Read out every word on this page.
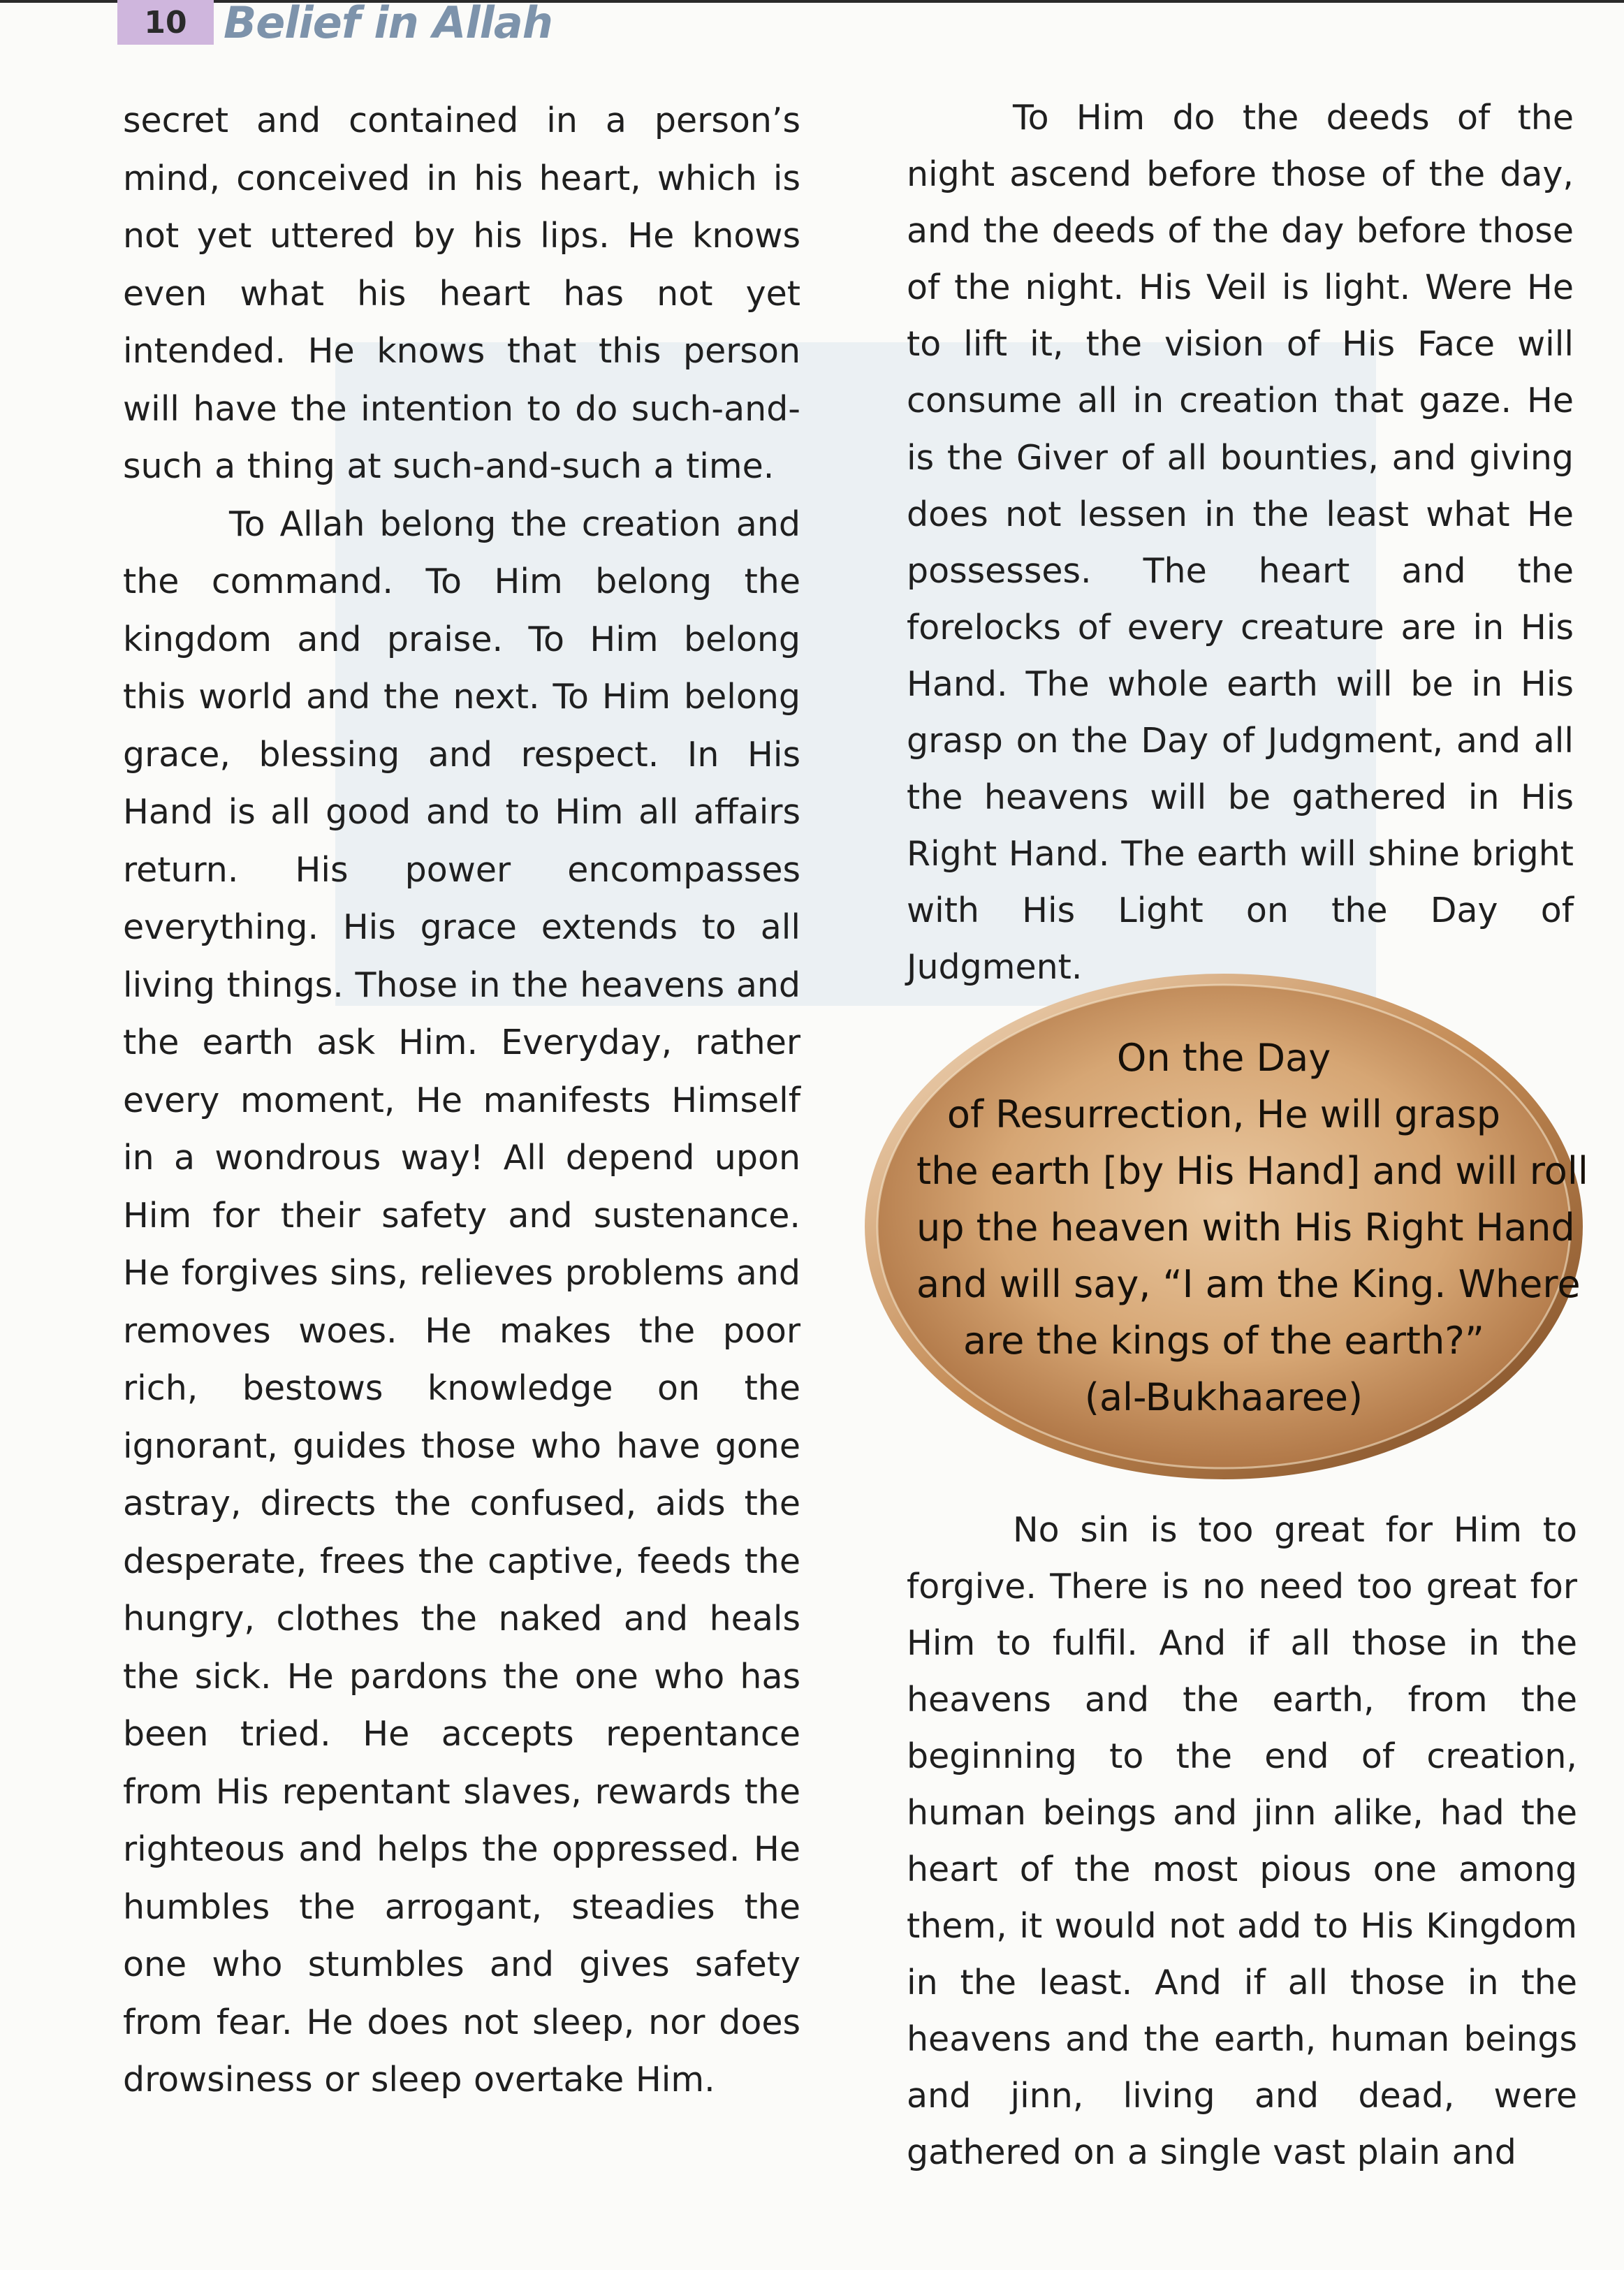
10 Belief in Allah

secret and contained in a person’s mind, conceived in his heart, which is not yet uttered by his lips. He knows even what his heart has not yet intended. He knows that this person will have the intention to do such-and-such a thing at such-and-such a time.

To Allah belong the creation and the command. To Him belong the kingdom and praise. To Him belong this world and the next. To Him belong grace, blessing and respect. In His Hand is all good and to Him all affairs return. His power encompasses everything. His grace extends to all living things. Those in the heavens and the earth ask Him. Everyday, rather every moment, He manifests Himself in a wondrous way! All depend upon Him for their safety and sustenance. He forgives sins, relieves problems and removes woes. He makes the poor rich, bestows knowledge on the ignorant, guides those who have gone astray, directs the confused, aids the desperate, frees the captive, feeds the hungry, clothes the naked and heals the sick. He pardons the one who has been tried. He accepts repentance from His repentant slaves, rewards the righteous and helps the oppressed. He humbles the arrogant, steadies the one who stumbles and gives safety from fear. He does not sleep, nor does drowsiness or sleep overtake Him.

To Him do the deeds of the night ascend before those of the day, and the deeds of the day before those of the night. His Veil is light. Were He to lift it, the vision of His Face will consume all in creation that gaze. He is the Giver of all bounties, and giving does not lessen in the least what He possesses. The heart and the forelocks of every creature are in His Hand. The whole earth will be in His grasp on the Day of Judgment, and all the heavens will be gathered in His Right Hand. The earth will shine bright with His Light on the Day of Judgment.

On the Day
of Resurrection, He will grasp
the earth [by His Hand] and will roll
up the heaven with His Right Hand
and will say, “I am the King. Where
are the kings of the earth?”
(al-Bukhaaree)

No sin is too great for Him to forgive. There is no need too great for Him to fulfil. And if all those in the heavens and the earth, from the beginning to the end of creation, human beings and jinn alike, had the heart of the most pious one among them, it would not add to His Kingdom in the least. And if all those in the heavens and the earth, human beings and jinn, living and dead, were gathered on a single vast plain and
